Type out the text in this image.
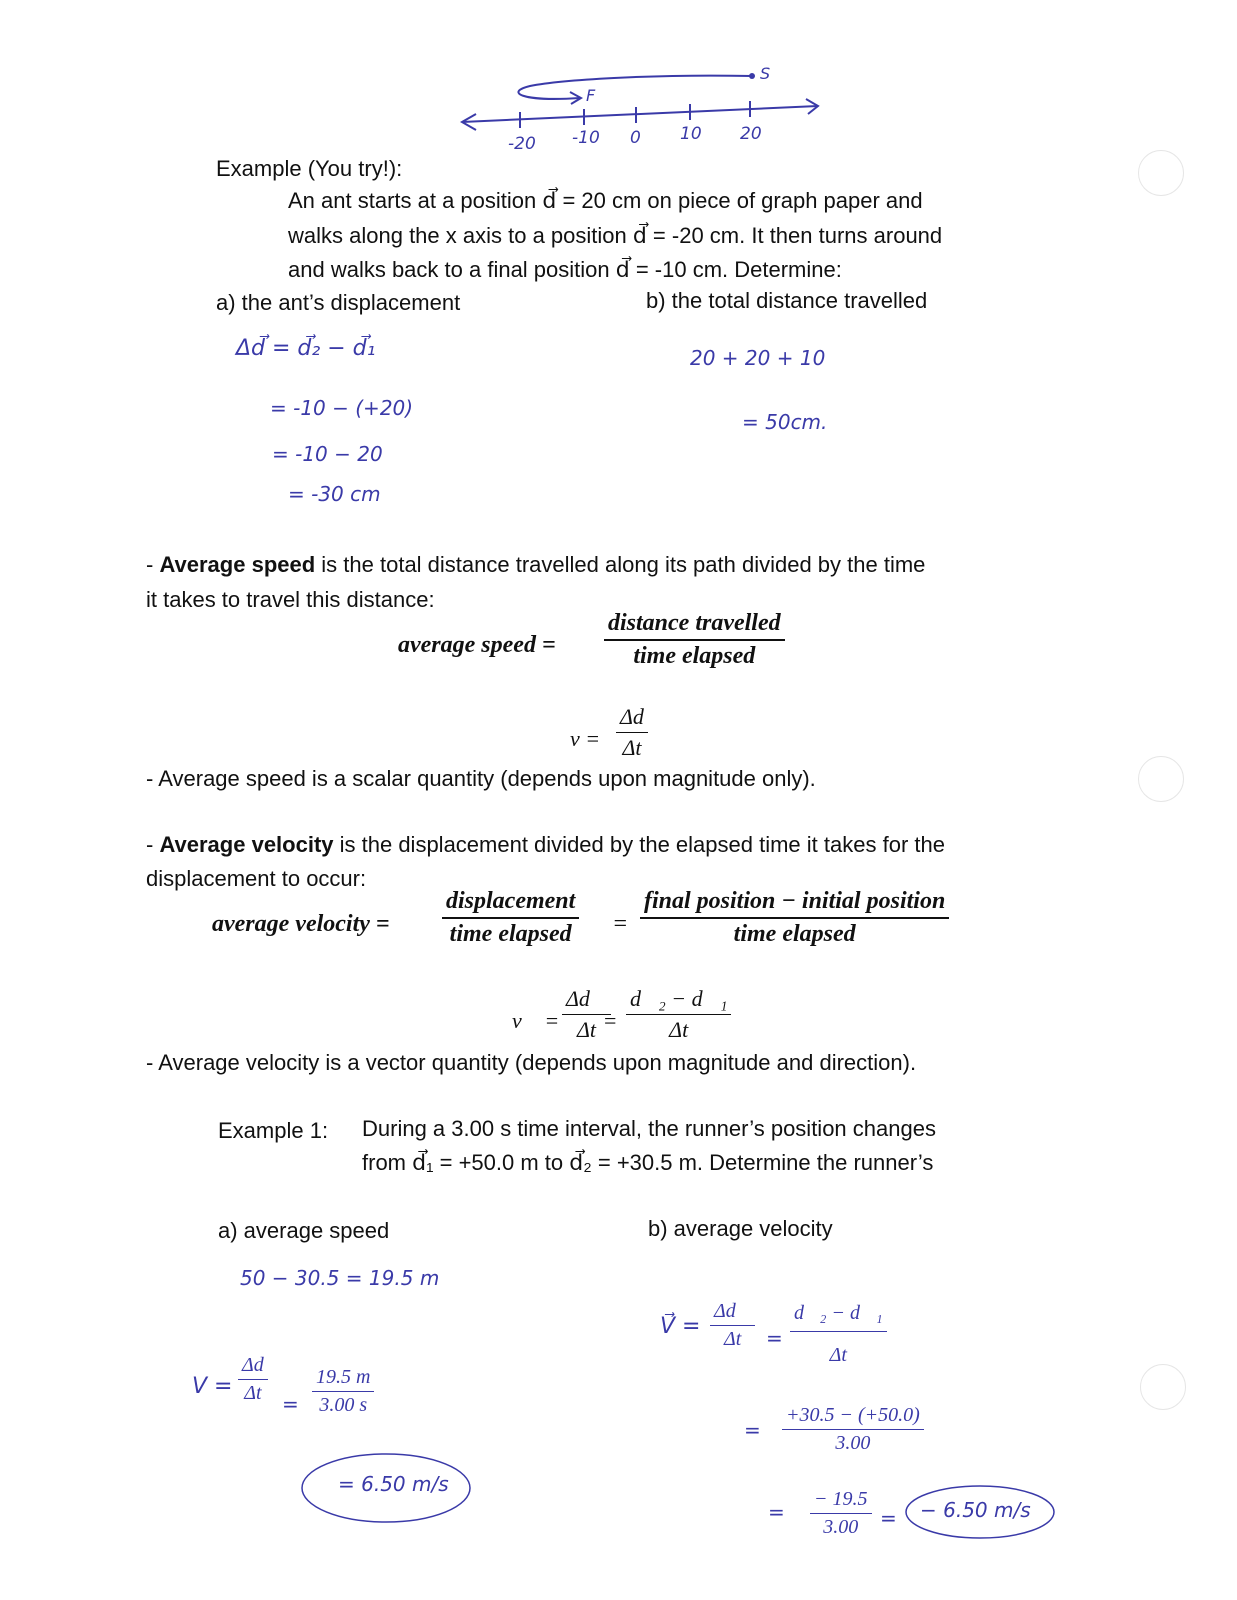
S
F
-20 -10 0 10 20
Example (You try!):
An ant starts at a position d⃗ = 20 cm on piece of graph paper and
walks along the x axis to a position d⃗ = -20 cm. It then turns around
and walks back to a final position d⃗ = -10 cm. Determine:
a) the ant’s displacement	b) the total distance travelled
Δd⃗ = d⃗₂ − d⃗₁
= -10 − (+20)
= -10 − 20
= -30 cm
20 + 20 + 10
= 50cm.
- Average speed is the total distance travelled along its path divided by the time
it takes to travel this distance:
average speed =
distance travelled
time elapsed
$v = \frac{\Delta d}{\Delta t}$
- Average speed is a scalar quantity (depends upon magnitude only).
- Average velocity is the displacement divided by the elapsed time it takes for the
displacement to occur:
average velocity =
displacement
time elapsed =
final position − initial position
time elapsed
v⃗ = $\frac{\Delta d⃗}{\Delta t}$
= $\frac{\text{d⃗₂ − d⃗₁}}{\Delta t}$
- Average velocity is a vector quantity (depends upon magnitude and direction).
Example 1: During a 3.00 s time interval, the runner’s position changes
from d⃗₁ = +50.0 m to d⃗₂ = +30.5 m. Determine the runner’s
a) average speed	b) average velocity
50 − 30.5 = 19.5 m
$V = \frac{\Delta d}{\Delta t} = \frac{19.5 m}{3.00 s}$
= 6.50 m/s
V⃗ = $\frac{\Delta d⃗}{\Delta t} = \frac{\text{d⃗₂ − d⃗₁}}{\Delta t}$
= $\frac{+30.5 - (+50.0)}{3.00}$
= $\frac{- 19.5}{3.00}$ = − 6.50 m/s
